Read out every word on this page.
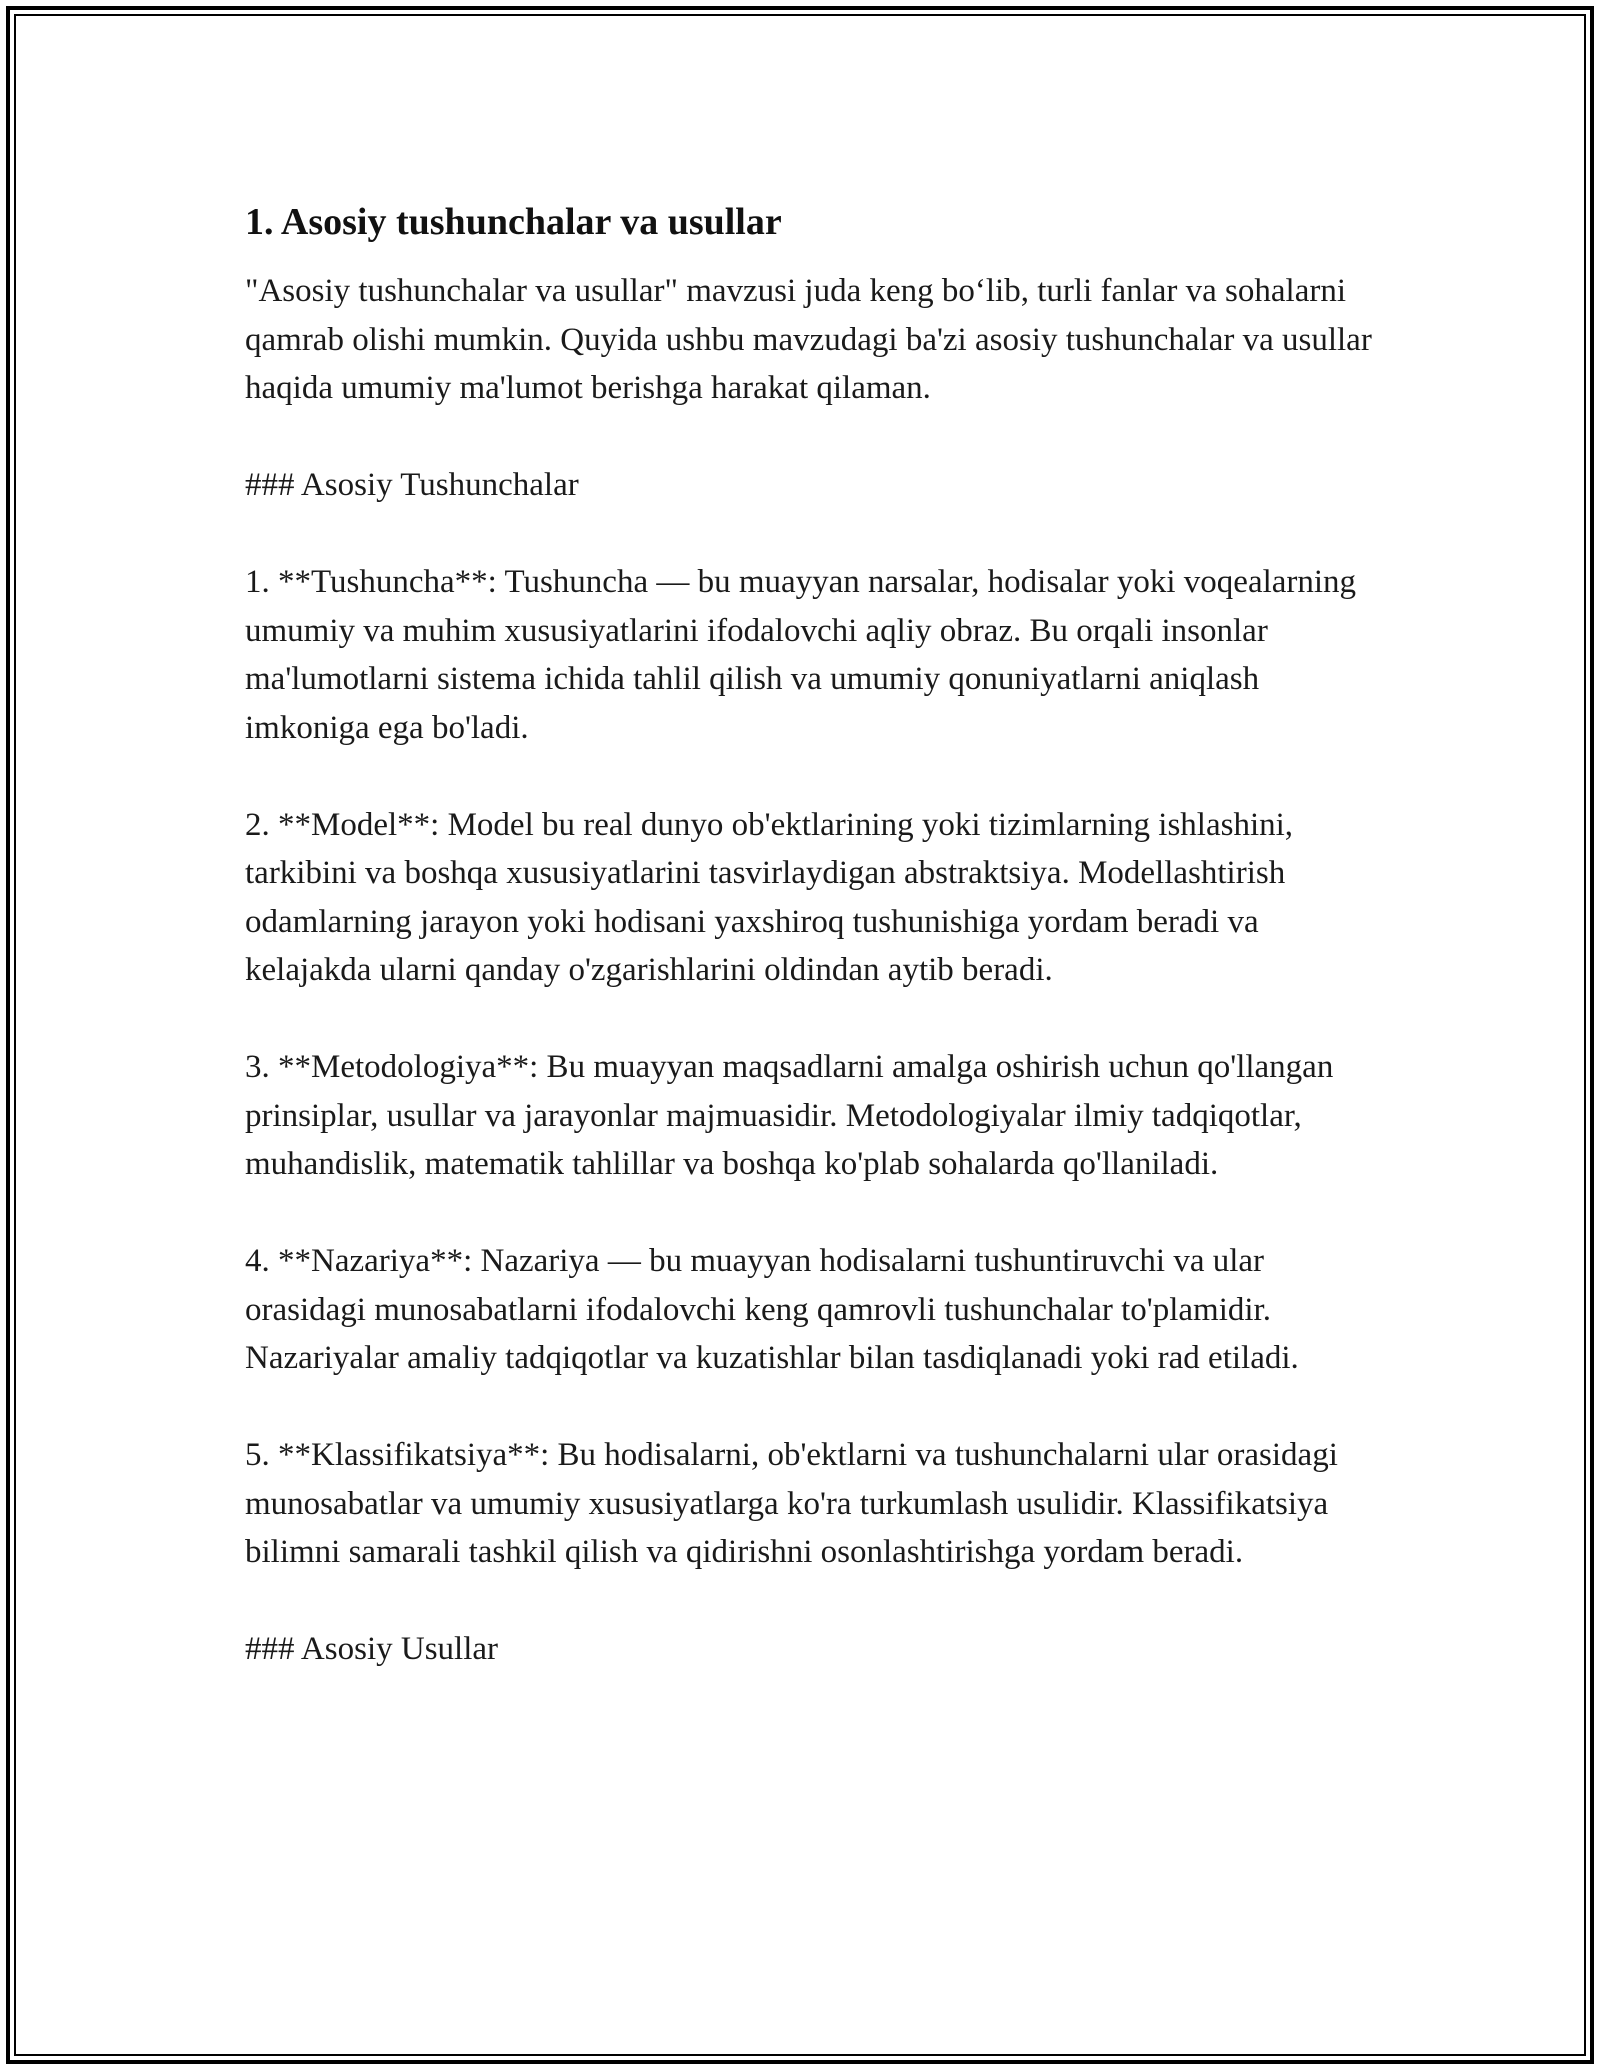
1. Asosiy tushunchalar va usullar

"Asosiy tushunchalar va usullar" mavzusi juda keng bo‘lib, turli fanlar va sohalarni qamrab olishi mumkin. Quyida ushbu mavzudagi ba'zi asosiy tushunchalar va usullar haqida umumiy ma'lumot berishga harakat qilaman.

### Asosiy Tushunchalar

1. **Tushuncha**: Tushuncha — bu muayyan narsalar, hodisalar yoki voqealarning umumiy va muhim xususiyatlarini ifodalovchi aqliy obraz. Bu orqali insonlar ma'lumotlarni sistema ichida tahlil qilish va umumiy qonuniyatlarni aniqlash imkoniga ega bo'ladi.

2. **Model**: Model bu real dunyo ob'ektlarining yoki tizimlarning ishlashini, tarkibini va boshqa xususiyatlarini tasvirlaydigan abstraktsiya. Modellashtirish odamlarning jarayon yoki hodisani yaxshiroq tushunishiga yordam beradi va kelajakda ularni qanday o'zgarishlarini oldindan aytib beradi.

3. **Metodologiya**: Bu muayyan maqsadlarni amalga oshirish uchun qo'llangan prinsiplar, usullar va jarayonlar majmuasidir. Metodologiyalar ilmiy tadqiqotlar, muhandislik, matematik tahlillar va boshqa ko'plab sohalarda qo'llaniladi.

4. **Nazariya**: Nazariya — bu muayyan hodisalarni tushuntiruvchi va ular orasidagi munosabatlarni ifodalovchi keng qamrovli tushunchalar to'plamidir. Nazariyalar amaliy tadqiqotlar va kuzatishlar bilan tasdiqlanadi yoki rad etiladi.

5. **Klassifikatsiya**: Bu hodisalarni, ob'ektlarni va tushunchalarni ular orasidagi munosabatlar va umumiy xususiyatlarga ko'ra turkumlash usulidir. Klassifikatsiya bilimni samarali tashkil qilish va qidirishni osonlashtirishga yordam beradi.

### Asosiy Usullar
